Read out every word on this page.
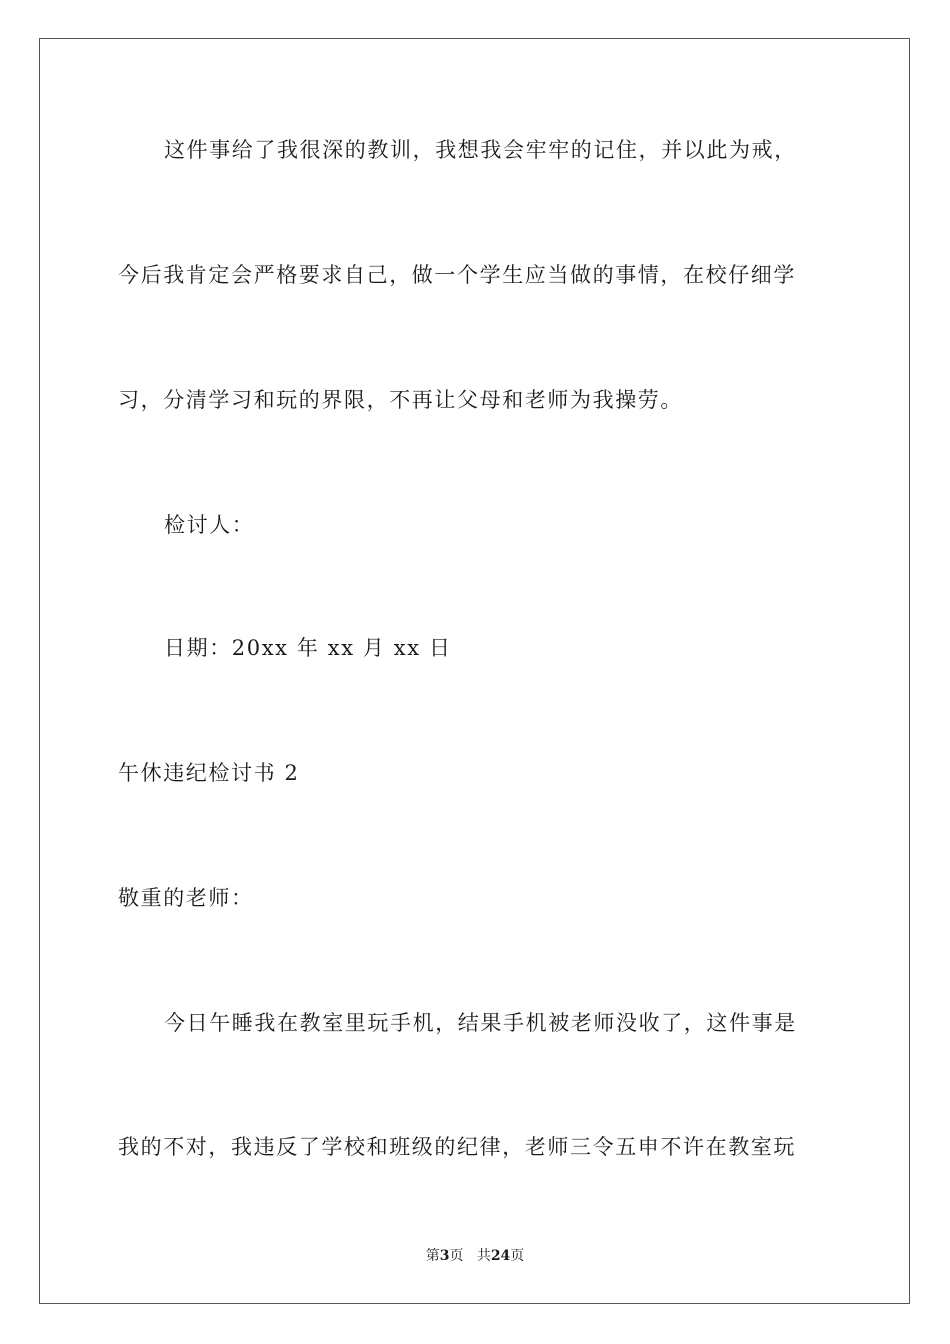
这件事给了我很深的教训，我想我会牢牢的记住，并以此为戒，
今后我肯定会严格要求自己，做一个学生应当做的事情，在校仔细学
习，分清学习和玩的界限，不再让父母和老师为我操劳。
检讨人：
日期：20xx 年 xx 月 xx 日
午休违纪检讨书 2
敬重的老师：
今日午睡我在教室里玩手机，结果手机被老师没收了，这件事是
我的不对，我违反了学校和班级的纪律，老师三令五申不许在教室玩
第3页 共24页
